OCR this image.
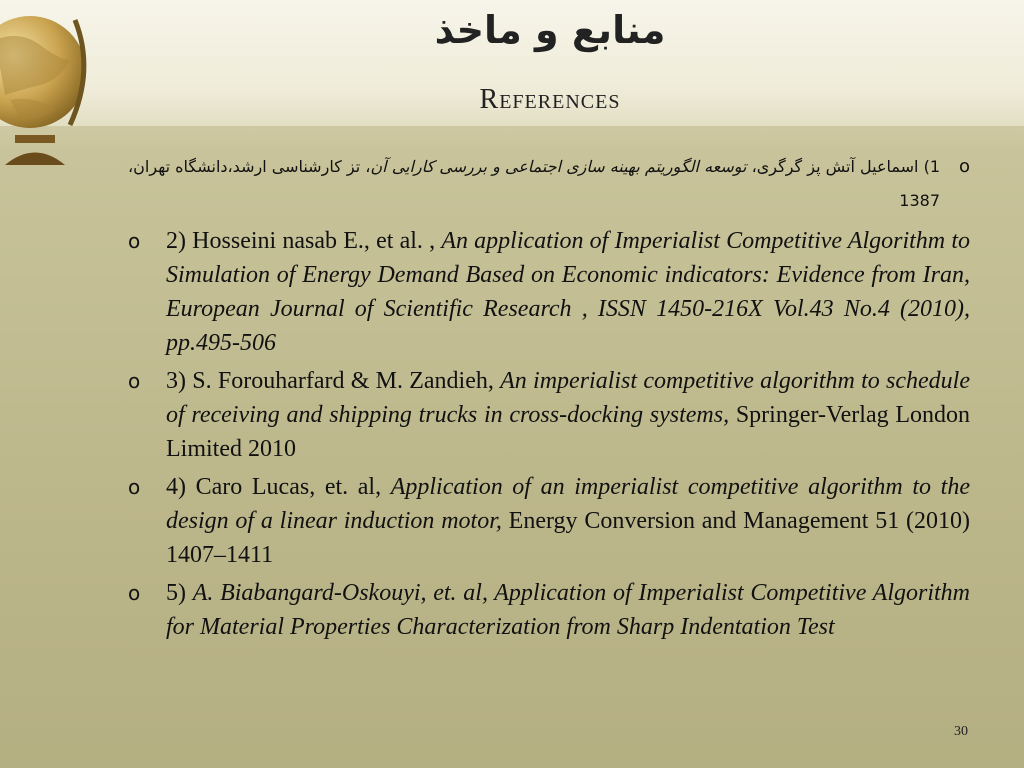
منابع و ماخذ
References
o
1) اسماعیل آتش پز گرگری، توسعه الگوریتم بهینه سازی اجتماعی و بررسی کارایی آن، تز کارشناسی ارشد،دانشگاه تهران، 1387
o 2) Hosseini nasab E., et al. , An application of Imperialist Competitive Algorithm to Simulation of Energy Demand Based on Economic indicators: Evidence from Iran, European Journal of Scientific Research , ISSN 1450-216X Vol.43 No.4 (2010), pp.495-506
o 3) S. Forouharfard & M. Zandieh, An imperialist competitive algorithm to schedule of receiving and shipping trucks in cross-docking systems, Springer-Verlag London Limited 2010
o 4) Caro Lucas, et. al, Application of an imperialist competitive algorithm to the design of a linear induction motor, Energy Conversion and Management 51 (2010) 1407–1411
o 5) A. Biabangard-Oskouyi, et. al, Application of Imperialist Competitive Algorithm for Material Properties Characterization from Sharp Indentation Test
30
